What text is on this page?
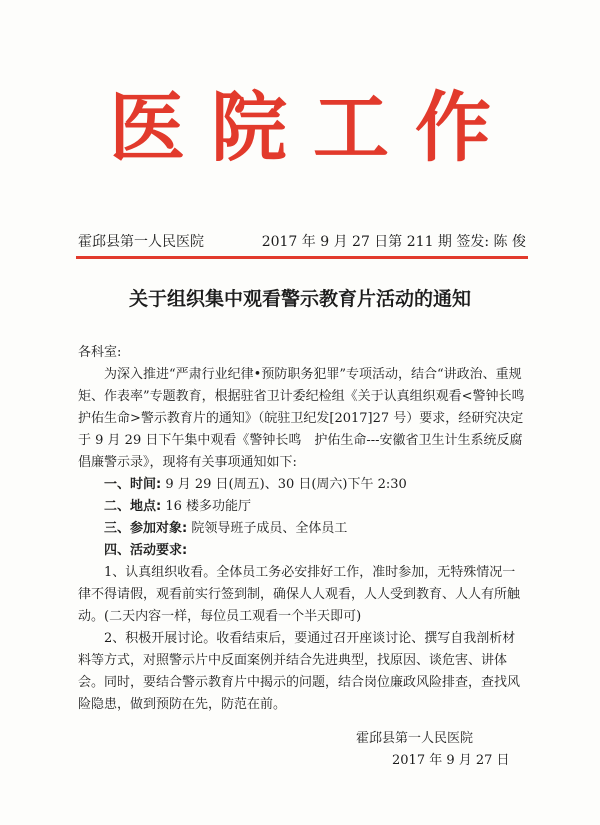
医院工作
霍邱县第一人民医院	2017 年 9 月 27 日第 211 期 签发: 陈 俊
关于组织集中观看警示教育片活动的通知
各科室:
为深入推进“严肃行业纪律•预防职务犯罪”专项活动，结合“讲政治、重规矩、作表率”专题教育，根据驻省卫计委纪检组《关于认真组织观看<警钟长鸣　护佑生命>警示教育片的通知》（皖驻卫纪发[2017]27 号）要求，经研究决定于 9 月 29 日下午集中观看《警钟长鸣　护佑生命---安徽省卫生计生系统反腐倡廉警示录》，现将有关事项通知如下:
一、时间: 9 月 29 日(周五)、30 日(周六)下午 2:30
二、地点: 16 楼多功能厅
三、参加对象: 院领导班子成员、全体员工
四、活动要求:
1、认真组织收看。全体员工务必安排好工作，准时参加，无特殊情况一律不得请假，观看前实行签到制，确保人人观看，人人受到教育、人人有所触动。(二天内容一样，每位员工观看一个半天即可)
2、积极开展讨论。收看结束后，要通过召开座谈讨论、撰写自我剖析材料等方式，对照警示片中反面案例并结合先进典型，找原因、谈危害、讲体会。同时，要结合警示教育片中揭示的问题，结合岗位廉政风险排查，查找风险隐患，做到预防在先，防范在前。
霍邱县第一人民医院
2017 年 9 月 27 日
